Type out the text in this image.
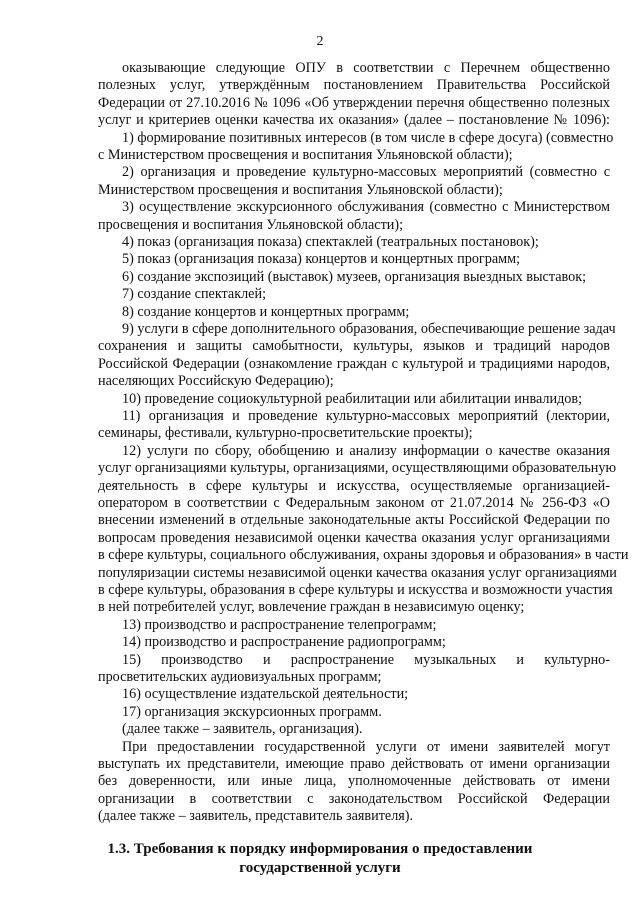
2
оказывающие следующие ОПУ в соответствии с Перечнем общественно
полезных услуг, утверждённым постановлением Правительства Российской
Федерации от 27.10.2016 № 1096 «Об утверждении перечня общественно полезных
услуг и критериев оценки качества их оказания» (далее – постановление № 1096):
1) формирование позитивных интересов (в том числе в сфере досуга) (совместно
с Министерством просвещения и воспитания Ульяновской области);
2) организация и проведение культурно-массовых мероприятий (совместно с
Министерством просвещения и воспитания Ульяновской области);
3) осуществление экскурсионного обслуживания (совместно с Министерством
просвещения и воспитания Ульяновской области);
4) показ (организация показа) спектаклей (театральных постановок);
5) показ (организация показа) концертов и концертных программ;
6) создание экспозиций (выставок) музеев, организация выездных выставок;
7) создание спектаклей;
8) создание концертов и концертных программ;
9) услуги в сфере дополнительного образования, обеспечивающие решение задач
сохранения и защиты самобытности, культуры, языков и традиций народов
Российской Федерации (ознакомление граждан с культурой и традициями народов,
населяющих Российскую Федерацию);
10) проведение социокультурной реабилитации или абилитации инвалидов;
11) организация и проведение культурно-массовых мероприятий (лектории,
семинары, фестивали, культурно-просветительские проекты);
12) услуги по сбору, обобщению и анализу информации о качестве оказания
услуг организациями культуры, организациями, осуществляющими образовательную
деятельность в сфере культуры и искусства, осуществляемые организацией-
оператором в соответствии с Федеральным законом от 21.07.2014 № 256-ФЗ «О
внесении изменений в отдельные законодательные акты Российской Федерации по
вопросам проведения независимой оценки качества оказания услуг организациями
в сфере культуры, социального обслуживания, охраны здоровья и образования» в части
популяризации системы независимой оценки качества оказания услуг организациями
в сфере культуры, образования в сфере культуры и искусства и возможности участия
в ней потребителей услуг, вовлечение граждан в независимую оценку;
13) производство и распространение телепрограмм;
14) производство и распространение радиопрограмм;
15) производство и распространение музыкальных и культурно-
просветительских аудиовизуальных программ;
16) осуществление издательской деятельности;
17) организация экскурсионных программ.
(далее также – заявитель, организация).
При предоставлении государственной услуги от имени заявителей могут
выступать их представители, имеющие право действовать от имени организации
без доверенности, или иные лица, уполномоченные действовать от имени
организации в соответствии с законодательством Российской Федерации
(далее также – заявитель, представитель заявителя).
1.3. Требования к порядку информирования о предоставлении
государственной услуги
